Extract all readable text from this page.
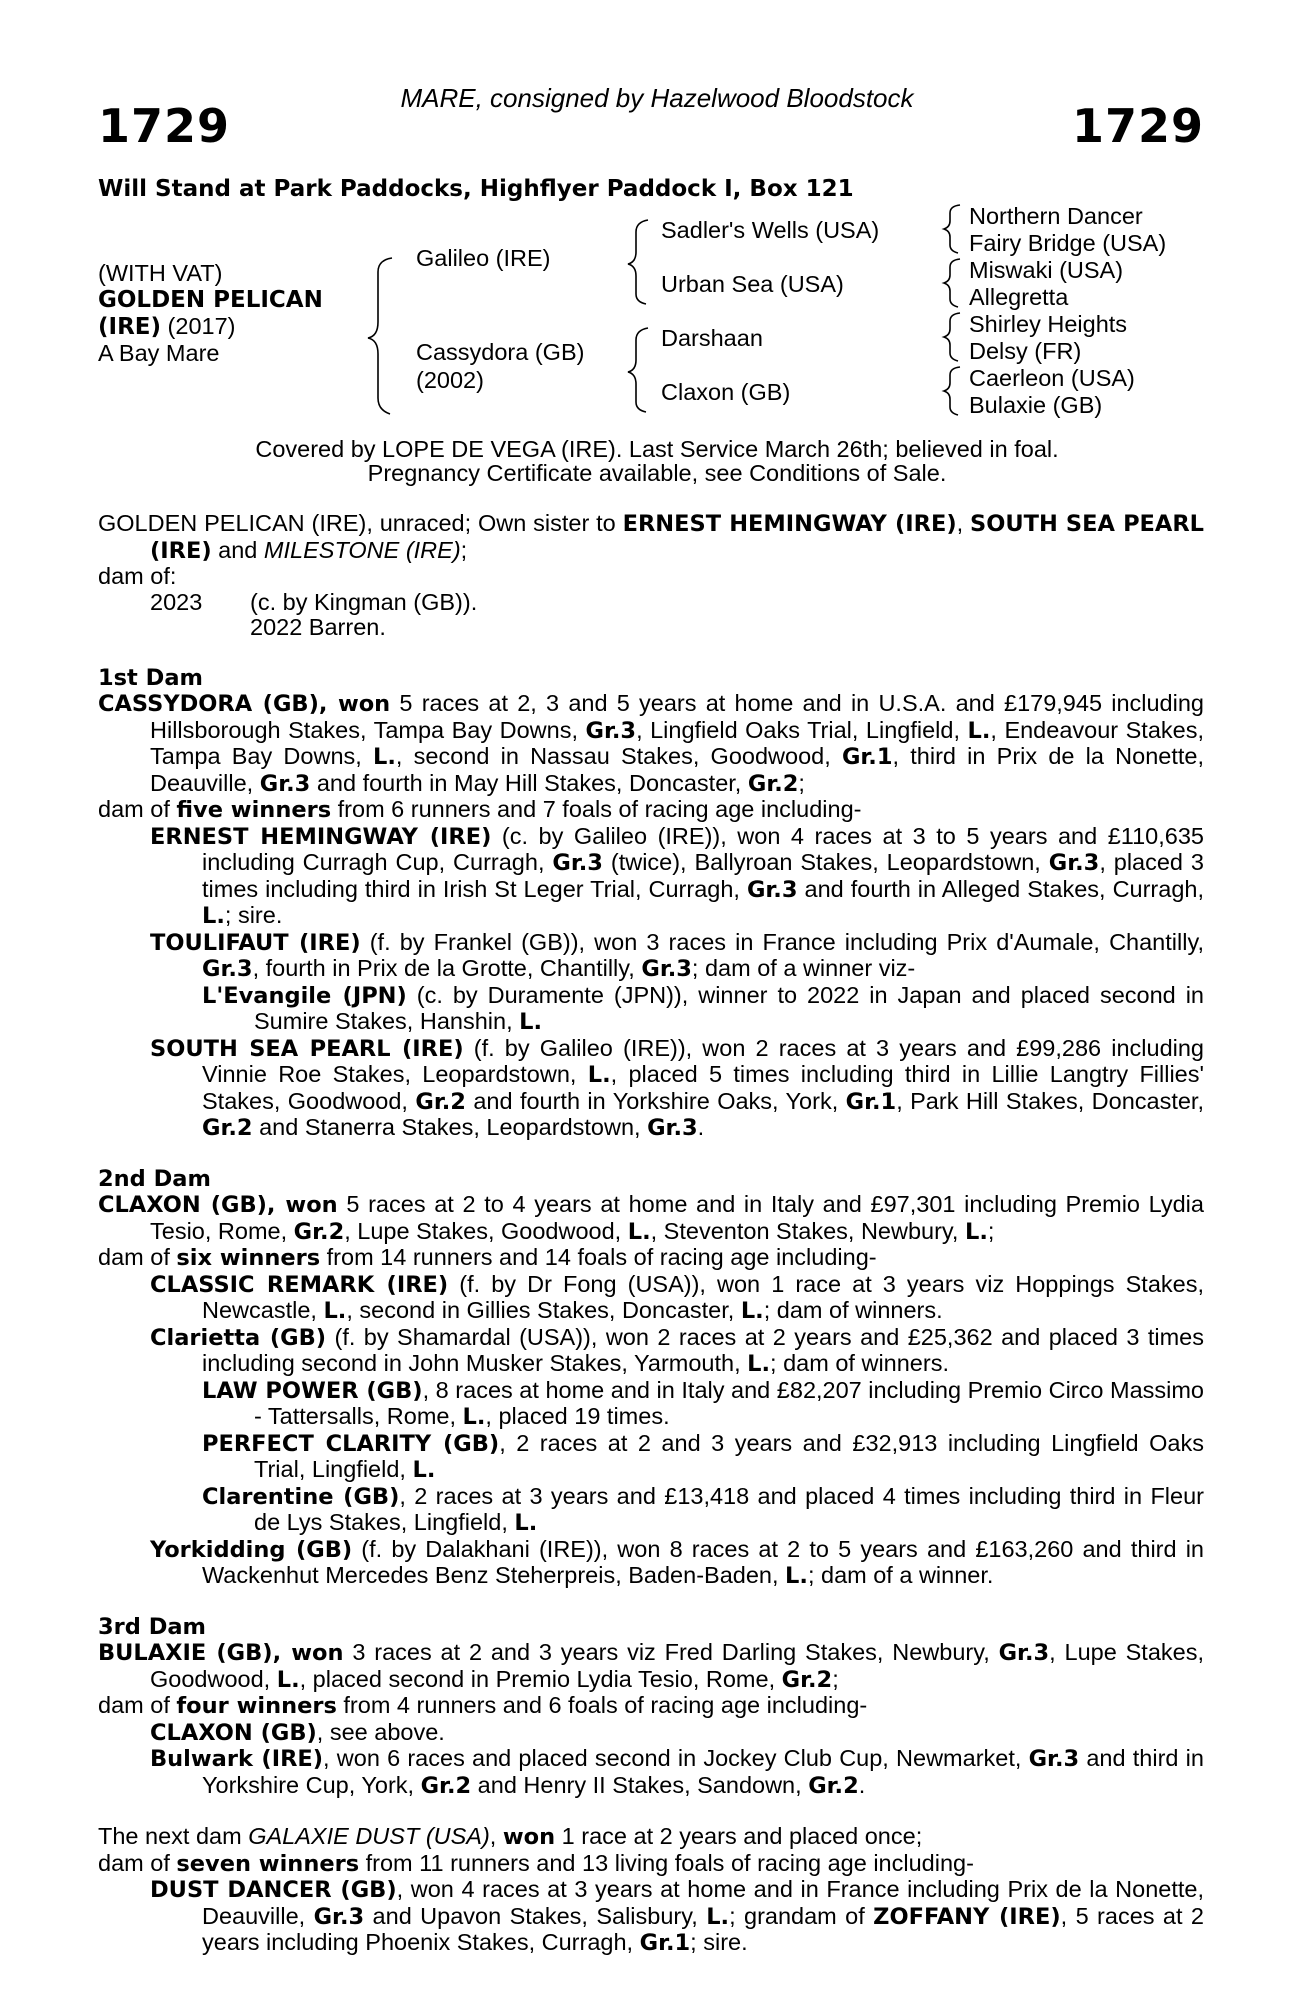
MARE, consigned by Hazelwood Bloodstock
1729	1729
Will Stand at Park Paddocks, Highflyer Paddock I, Box 121
(WITH VAT)
GOLDEN PELICAN
(IRE) (2017)
A Bay Mare
Galileo (IRE)
Cassydora (GB)
(2002)
Sadler's Wells (USA)
Urban Sea (USA)
Darshaan
Claxon (GB)
Northern Dancer
Fairy Bridge (USA)
Miswaki (USA)
Allegretta
Shirley Heights
Delsy (FR)
Caerleon (USA)
Bulaxie (GB)
Covered by LOPE DE VEGA (IRE). Last Service March 26th; believed in foal.
Pregnancy Certificate available, see Conditions of Sale.

GOLDEN PELICAN (IRE), unraced; Own sister to ERNEST HEMINGWAY (IRE), SOUTH SEA PEARL (IRE) and MILESTONE (IRE);

dam of:
2023 (c. by Kingman (GB)).
2022 Barren.
1st Dam

CASSYDORA (GB), won 5 races at 2, 3 and 5 years at home and in U.S.A. and £179,945 including Hillsborough Stakes, Tampa Bay Downs, Gr.3, Lingfield Oaks Trial, Lingfield, L., Endeavour Stakes, Tampa Bay Downs, L., second in Nassau Stakes, Goodwood, Gr.1, third in Prix de la Nonette, Deauville, Gr.3 and fourth in May Hill Stakes, Doncaster, Gr.2;

dam of five winners from 6 runners and 7 foals of racing age including-

ERNEST HEMINGWAY (IRE) (c. by Galileo (IRE)), won 4 races at 3 to 5 years and £110,635 including Curragh Cup, Curragh, Gr.3 (twice), Ballyroan Stakes, Leopardstown, Gr.3, placed 3 times including third in Irish St Leger Trial, Curragh, Gr.3 and fourth in Alleged Stakes, Curragh, L.; sire.

TOULIFAUT (IRE) (f. by Frankel (GB)), won 3 races in France including Prix d'Aumale, Chantilly, Gr.3, fourth in Prix de la Grotte, Chantilly, Gr.3; dam of a winner viz-

L'Evangile (JPN) (c. by Duramente (JPN)), winner to 2022 in Japan and placed second in Sumire Stakes, Hanshin, L.

SOUTH SEA PEARL (IRE) (f. by Galileo (IRE)), won 2 races at 3 years and £99,286 including Vinnie Roe Stakes, Leopardstown, L., placed 5 times including third in Lillie Langtry Fillies' Stakes, Goodwood, Gr.2 and fourth in Yorkshire Oaks, York, Gr.1, Park Hill Stakes, Doncaster, Gr.2 and Stanerra Stakes, Leopardstown, Gr.3.

2nd Dam

CLAXON (GB), won 5 races at 2 to 4 years at home and in Italy and £97,301 including Premio Lydia Tesio, Rome, Gr.2, Lupe Stakes, Goodwood, L., Steventon Stakes, Newbury, L.;

dam of six winners from 14 runners and 14 foals of racing age including-

CLASSIC REMARK (IRE) (f. by Dr Fong (USA)), won 1 race at 3 years viz Hoppings Stakes, Newcastle, L., second in Gillies Stakes, Doncaster, L.; dam of winners.

Clarietta (GB) (f. by Shamardal (USA)), won 2 races at 2 years and £25,362 and placed 3 times including second in John Musker Stakes, Yarmouth, L.; dam of winners.

LAW POWER (GB), 8 races at home and in Italy and £82,207 including Premio Circo Massimo - Tattersalls, Rome, L., placed 19 times.

PERFECT CLARITY (GB), 2 races at 2 and 3 years and £32,913 including Lingfield Oaks Trial, Lingfield, L.

Clarentine (GB), 2 races at 3 years and £13,418 and placed 4 times including third in Fleur de Lys Stakes, Lingfield, L.

Yorkidding (GB) (f. by Dalakhani (IRE)), won 8 races at 2 to 5 years and £163,260 and third in Wackenhut Mercedes Benz Steherpreis, Baden-Baden, L.; dam of a winner.

3rd Dam

BULAXIE (GB), won 3 races at 2 and 3 years viz Fred Darling Stakes, Newbury, Gr.3, Lupe Stakes, Goodwood, L., placed second in Premio Lydia Tesio, Rome, Gr.2;

dam of four winners from 4 runners and 6 foals of racing age including-

CLAXON (GB), see above.

Bulwark (IRE), won 6 races and placed second in Jockey Club Cup, Newmarket, Gr.3 and third in Yorkshire Cup, York, Gr.2 and Henry II Stakes, Sandown, Gr.2.

The next dam GALAXIE DUST (USA), won 1 race at 2 years and placed once;

dam of seven winners from 11 runners and 13 living foals of racing age including-

DUST DANCER (GB), won 4 races at 3 years at home and in France including Prix de la Nonette, Deauville, Gr.3 and Upavon Stakes, Salisbury, L.; grandam of ZOFFANY (IRE), 5 races at 2 years including Phoenix Stakes, Curragh, Gr.1; sire.
